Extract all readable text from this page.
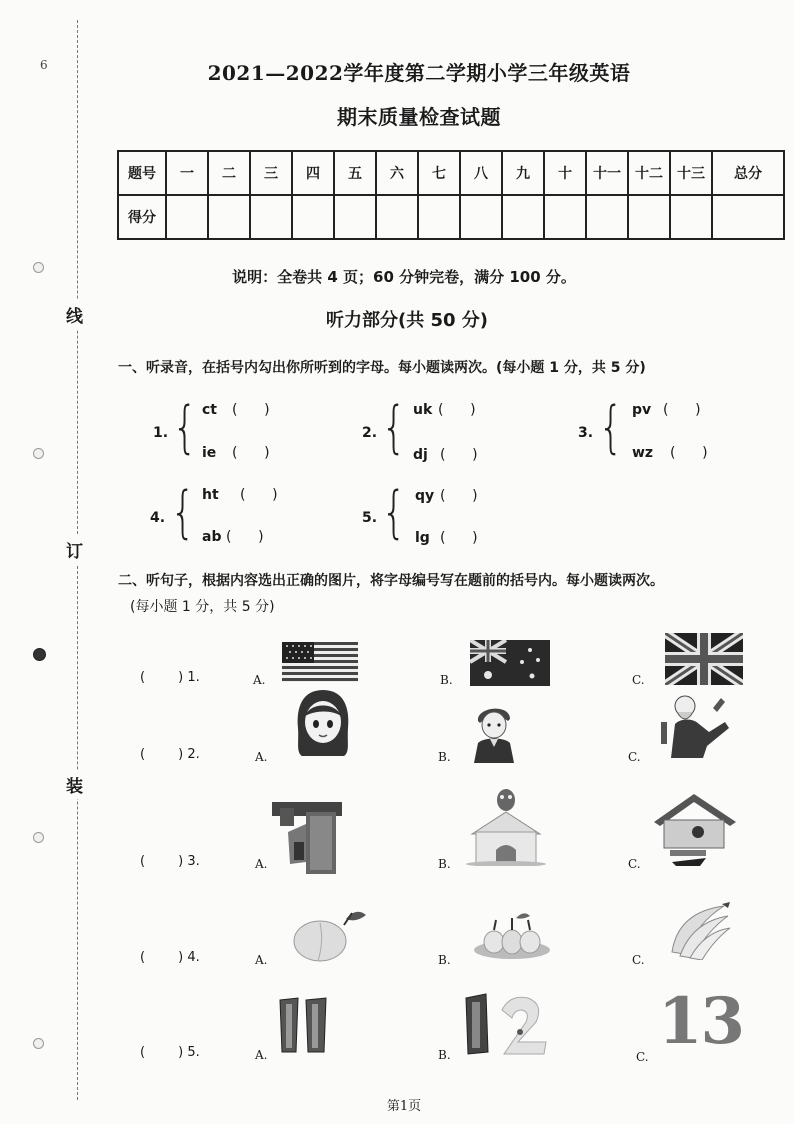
6
线
订
装
2021—2022学年度第二学期小学三年级英语
期末质量检查试题
题号	一	二	三	四	五	六	七	八	九	十	十一	十二	十三	总分
得分														
说明：全卷共 4 页；60 分钟完卷，满分 100 分。
听力部分(共 50 分)
一、听录音，在括号内勾出你所听到的字母。每小题读两次。(每小题 1 分，共 5 分)
1. { ct (      )
ie (      )
2. { uk (      )
dj (      )
3. { pv (      )
wz (      )
4. { ht (      )
ab (      )
5. { qy (      )
lg (      )
二、听句子，根据内容选出正确的图片，将字母编号写在题前的括号内。每小题读两次。
(每小题 1 分，共 5 分)
(        ) 1.	A.	B.	C.
(        ) 2.	A.	B.	C.
(        ) 3.	A.	B.	C.
(        ) 4.	A.	B.	C.
(        ) 5.	A.	B.	C. 13
第1页
